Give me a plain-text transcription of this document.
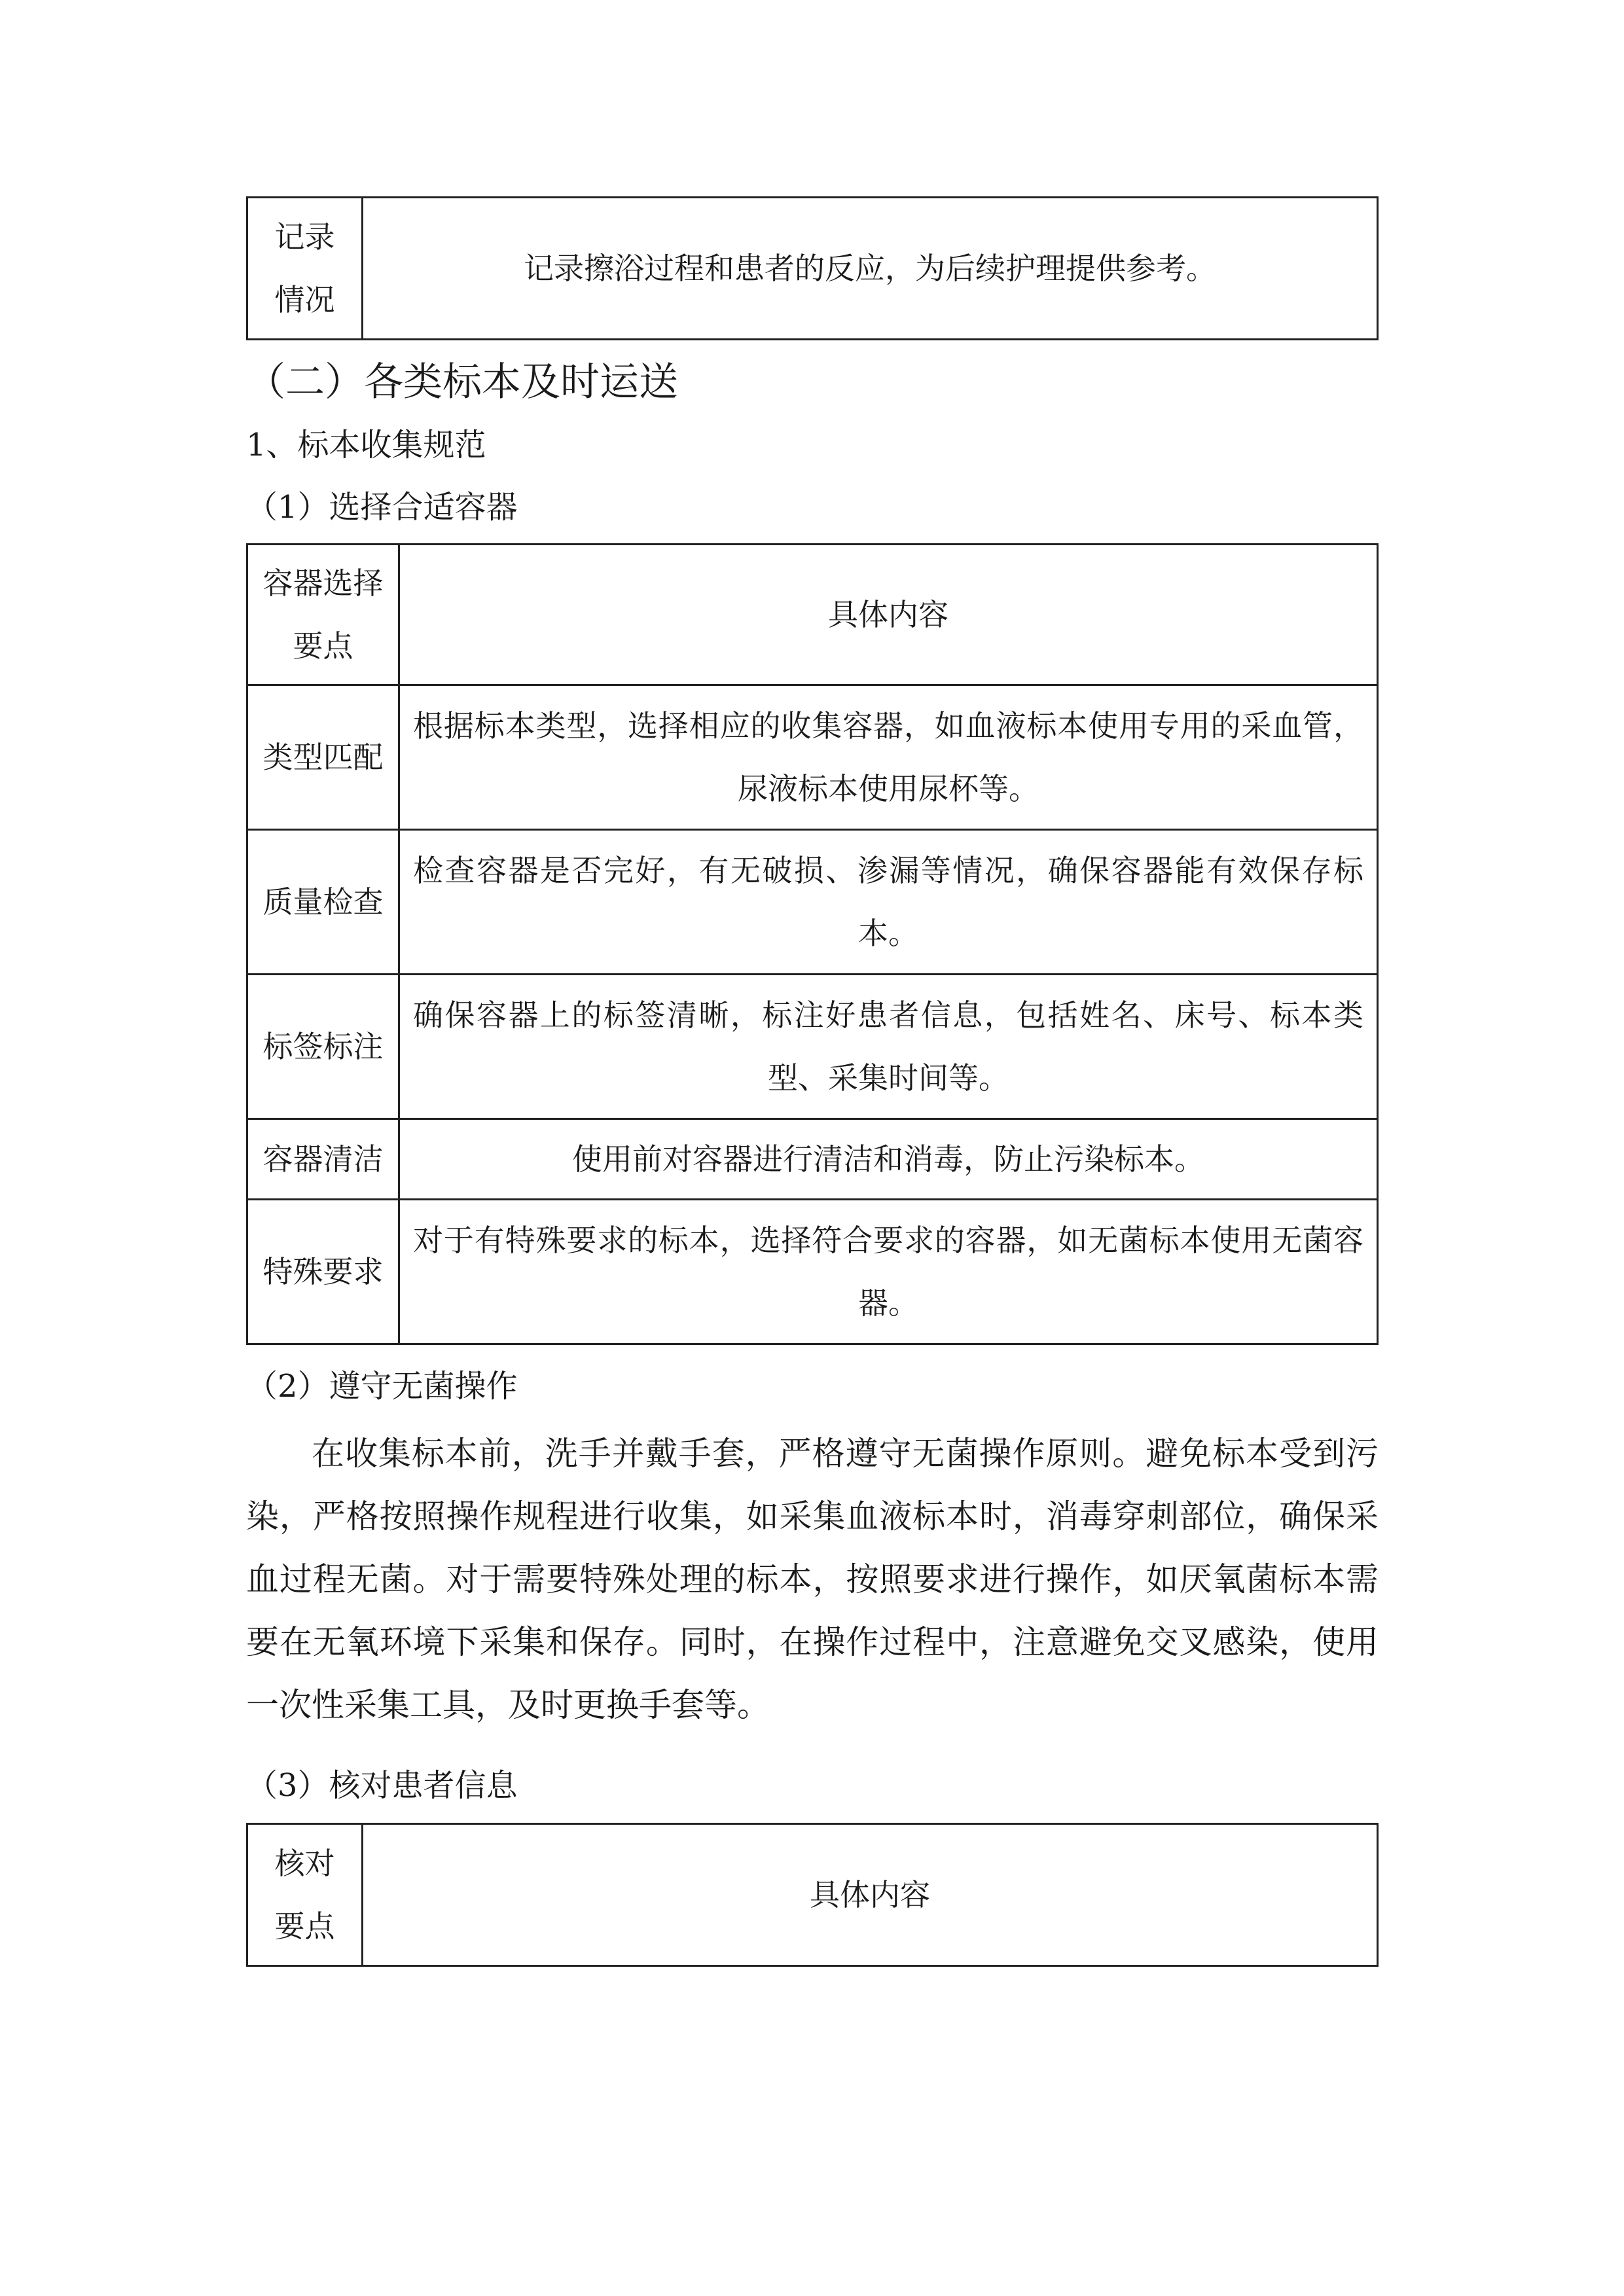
记录情况	记录擦浴过程和患者的反应，为后续护理提供参考。
（二）各类标本及时运送
1、标本收集规范
（1）选择合适容器
容器选择要点	具体内容
类型匹配	根据标本类型，选择相应的收集容器，如血液标本使用专用的采血管，尿液标本使用尿杯等。
质量检查	检查容器是否完好，有无破损、渗漏等情况，确保容器能有效保存标本。
标签标注	确保容器上的标签清晰，标注好患者信息，包括姓名、床号、标本类型、采集时间等。
容器清洁	使用前对容器进行清洁和消毒，防止污染标本。
特殊要求	对于有特殊要求的标本，选择符合要求的容器，如无菌标本使用无菌容器。
（2）遵守无菌操作
在收集标本前，洗手并戴手套，严格遵守无菌操作原则。避免标本受到污染，严格按照操作规程进行收集，如采集血液标本时，消毒穿刺部位，确保采血过程无菌。对于需要特殊处理的标本，按照要求进行操作，如厌氧菌标本需要在无氧环境下采集和保存。同时，在操作过程中，注意避免交叉感染，使用一次性采集工具，及时更换手套等。
（3）核对患者信息
核对要点	具体内容
